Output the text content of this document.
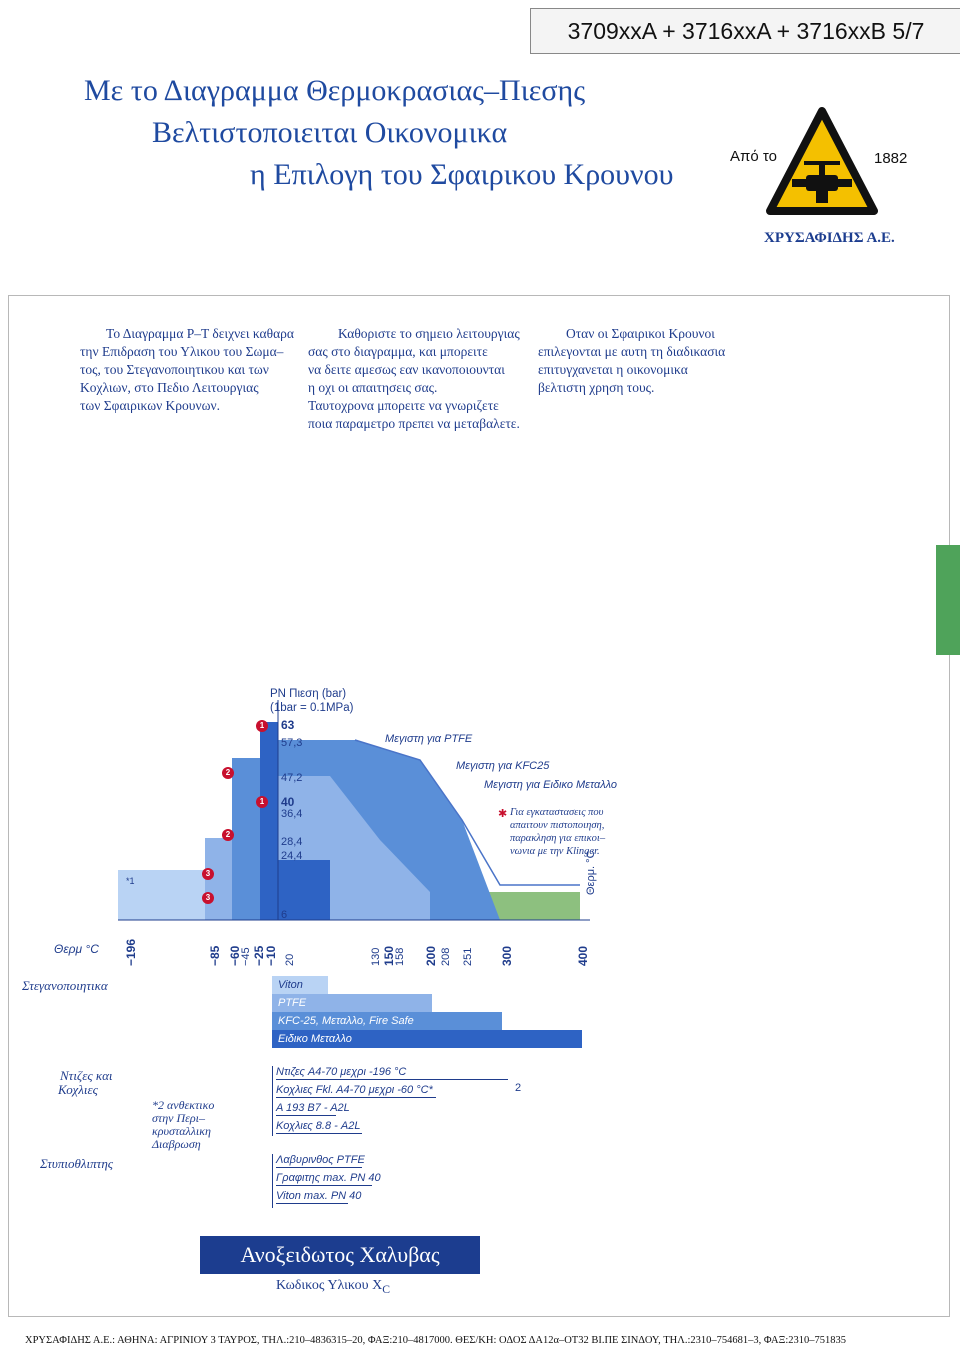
3709xxA + 3716xxA + 3716xxB 5/7
Με το Διαγραμμα Θερμοκρασιας–Πιεσης
Βελτιστοποιειται Οικονομικα
η Επιλογη του Σφαιρικου Κρουνου
Από το	1882
ΧΡΥΣΑΦΙΔΗΣ Α.Ε.
Το Διαγραμμα P–T δειχνει καθαρα
την Επιδραση του Υλικου του Σωμα–
τος, του Στεγανοποιητικου και των
Κοχλιων, στο Πεδιο Λειτουργιας
των Σφαιρικων Κρουνων.
Καθοριστε το σημειο λειτουργιας
σας στο διαγραμμα, και μπορειτε
να δειτε αμεσως εαν ικανοποιουνται
η οχι οι απαιτησεις σας.
Ταυτοχρονα μπορειτε να γνωριζετε
ποια παραμετρο πρεπει να μεταβαλετε.
Οταν οι Σφαιρικοι Κρουνοι
επιλεγονται με αυτη τη διαδικασια
επιτυγχανεται η οικονομικα
βελτιστη χρηση τους.
PN Πιεση (bar)
(1bar = 0.1MPa)
63
57,3
47,2
40
36,4
28,4
24,4
6
1
2
1
2
3
3
*1
Μεγιστη για PTFE
Μεγιστη για KFC25
Μεγιστη για Ειδικο Μεταλλο
✱ Για εγκαταστασεις που
απαιτουν πιστοποιηση,
παρακληση για επικοι–
νωνια με την Klinger.
Θερμ °C
Θερμ. °C
−196	−85 −60
−45 −25
−10 20	130 150
158 200 208 251 300	400
Στεγανοποιητικα	Viton
PTFE
KFC-25, Μεταλλο, Fire Safe
Ειδικο Μεταλλο
Ντιζες και
Κοχλιες
*2 ανθεκτικο
στην Περι–
κρυσταλλικη
Διαβρωση
Ντιζες A4-70 μεχρι -196 °C
Κοχλιες Fkl. A4-70 μεχρι -60 °C*
A 193 B7 - A2L
Κοχλιες 8.8 - A2L
2
Στυπιοθλιπτης	Λαβυρινθος PTFE
Γραφιτης max. PN 40
Viton max. PN 40
Ανοξειδωτος Χαλυβας
Κωδικος Υλικου $X_C$
ΧΡΥΣΑΦΙΔΗΣ Α.Ε.: ΑΘΗΝΑ: ΑΓΡΙΝΙΟΥ 3 ΤΑΥΡΟΣ, ΤΗΛ.:210–4836315–20, ΦΑΞ:210–4817000. ΘΕΣ/ΚΗ: ΟΔΟΣ ΔΑ12α–ΟΤ32 ΒΙ.ΠΕ ΣΙΝΔΟΥ, ΤΗΛ.:2310–754681–3, ΦΑΞ:2310–751835
